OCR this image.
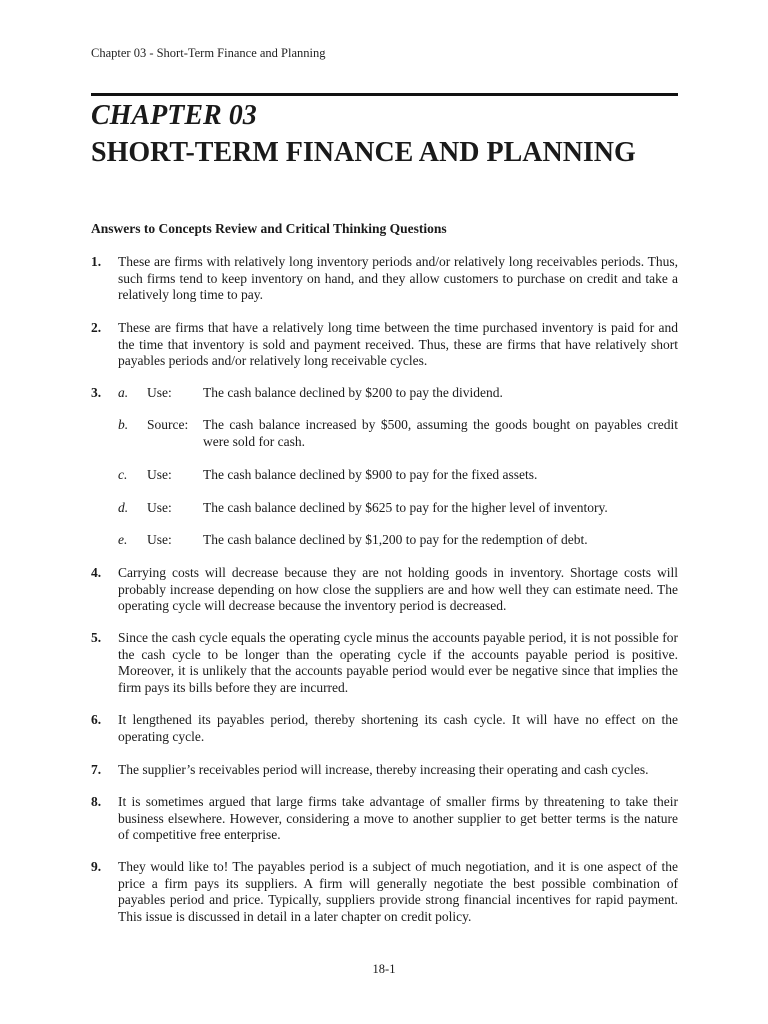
Chapter 03 - Short-Term Finance and Planning
CHAPTER 03
SHORT-TERM FINANCE AND PLANNING
Answers to Concepts Review and Critical Thinking Questions
1. These are firms with relatively long inventory periods and/or relatively long receivables periods. Thus, such firms tend to keep inventory on hand, and they allow customers to purchase on credit and take a relatively long time to pay.
2. These are firms that have a relatively long time between the time purchased inventory is paid for and the time that inventory is sold and payment received. Thus, these are firms that have relatively short payables periods and/or relatively long receivable cycles.
3. a. Use: The cash balance declined by $200 to pay the dividend.
b. Source: The cash balance increased by $500, assuming the goods bought on payables credit were sold for cash.
c. Use: The cash balance declined by $900 to pay for the fixed assets.
d. Use: The cash balance declined by $625 to pay for the higher level of inventory.
e. Use: The cash balance declined by $1,200 to pay for the redemption of debt.
4. Carrying costs will decrease because they are not holding goods in inventory. Shortage costs will probably increase depending on how close the suppliers are and how well they can estimate need. The operating cycle will decrease because the inventory period is decreased.
5. Since the cash cycle equals the operating cycle minus the accounts payable period, it is not possible for the cash cycle to be longer than the operating cycle if the accounts payable period is positive. Moreover, it is unlikely that the accounts payable period would ever be negative since that implies the firm pays its bills before they are incurred.
6. It lengthened its payables period, thereby shortening its cash cycle. It will have no effect on the operating cycle.
7. The supplier’s receivables period will increase, thereby increasing their operating and cash cycles.
8. It is sometimes argued that large firms take advantage of smaller firms by threatening to take their business elsewhere. However, considering a move to another supplier to get better terms is the nature of competitive free enterprise.
9. They would like to! The payables period is a subject of much negotiation, and it is one aspect of the price a firm pays its suppliers. A firm will generally negotiate the best possible combination of payables period and price. Typically, suppliers provide strong financial incentives for rapid payment. This issue is discussed in detail in a later chapter on credit policy.
18-1
